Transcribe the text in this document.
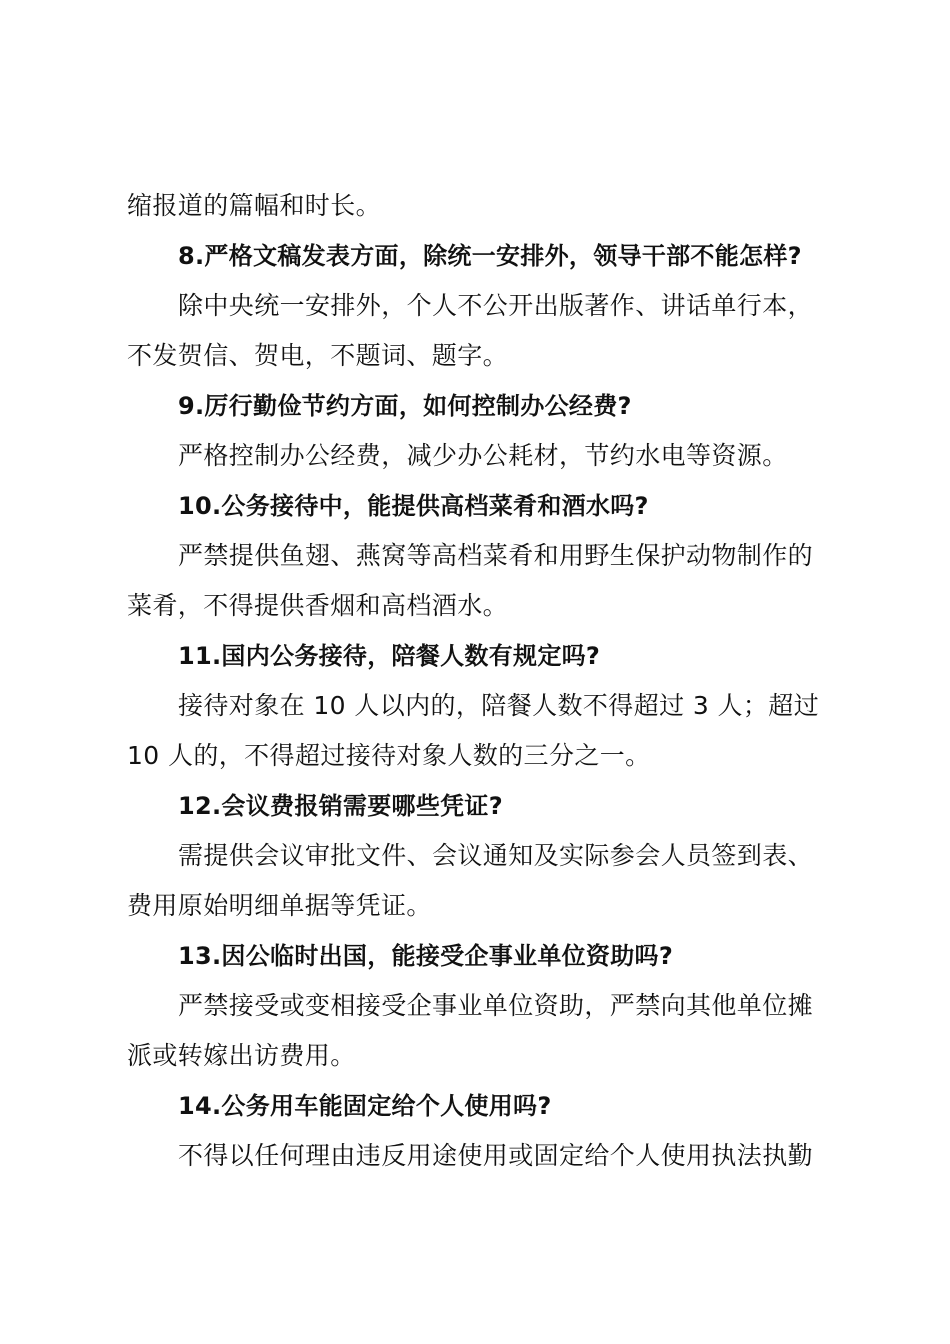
缩报道的篇幅和时长。
8.严格文稿发表方面，除统一安排外，领导干部不能怎样?
除中央统一安排外，个人不公开出版著作、讲话单行本，
不发贺信、贺电，不题词、题字。
9.厉行勤俭节约方面，如何控制办公经费?
严格控制办公经费，减少办公耗材，节约水电等资源。
10.公务接待中，能提供高档菜肴和酒水吗?
严禁提供鱼翅、燕窝等高档菜肴和用野生保护动物制作的
菜肴，不得提供香烟和高档酒水。
11.国内公务接待，陪餐人数有规定吗?
接待对象在 10 人以内的，陪餐人数不得超过 3 人；超过
10 人的，不得超过接待对象人数的三分之一。
12.会议费报销需要哪些凭证?
需提供会议审批文件、会议通知及实际参会人员签到表、
费用原始明细单据等凭证。
13.因公临时出国，能接受企事业单位资助吗?
严禁接受或变相接受企事业单位资助，严禁向其他单位摊
派或转嫁出访费用。
14.公务用车能固定给个人使用吗?
不得以任何理由违反用途使用或固定给个人使用执法执勤
